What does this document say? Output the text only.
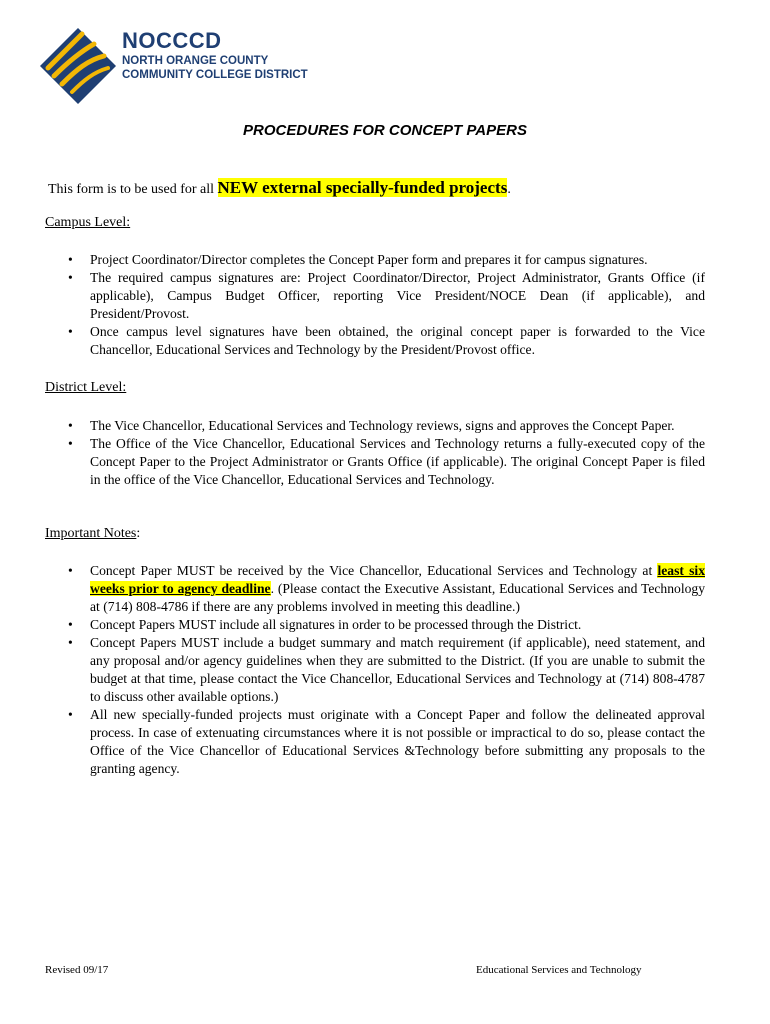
NOCCCD
NORTH ORANGE COUNTY
COMMUNITY COLLEGE DISTRICT
PROCEDURES FOR CONCEPT PAPERS
This form is to be used for all NEW external specially-funded projects.
Campus Level:
• Project Coordinator/Director completes the Concept Paper form and prepares it for campus signatures.
• The required campus signatures are: Project Coordinator/Director, Project Administrator, Grants Office (if applicable), Campus Budget Officer, reporting Vice President/NOCE Dean (if applicable), and President/Provost.
• Once campus level signatures have been obtained, the original concept paper is forwarded to the Vice Chancellor, Educational Services and Technology by the President/Provost office.
District Level:
• The Vice Chancellor, Educational Services and Technology reviews, signs and approves the Concept Paper.
• The Office of the Vice Chancellor, Educational Services and Technology returns a fully-executed copy of the Concept Paper to the Project Administrator or Grants Office (if applicable). The original Concept Paper is filed in the office of the Vice Chancellor, Educational Services and Technology.
Important Notes:
• Concept Paper MUST be received by the Vice Chancellor, Educational Services and Technology at least six weeks prior to agency deadline. (Please contact the Executive Assistant, Educational Services and Technology at (714) 808-4786 if there are any problems involved in meeting this deadline.)
• Concept Papers MUST include all signatures in order to be processed through the District.
• Concept Papers MUST include a budget summary and match requirement (if applicable), need statement, and any proposal and/or agency guidelines when they are submitted to the District. (If you are unable to submit the budget at that time, please contact the Vice Chancellor, Educational Services and Technology at (714) 808-4787 to discuss other available options.)
• All new specially-funded projects must originate with a Concept Paper and follow the delineated approval process. In case of extenuating circumstances where it is not possible or impractical to do so, please contact the Office of the Vice Chancellor of Educational Services &Technology before submitting any proposals to the granting agency.
Revised 09/17	Educational Services and Technology
